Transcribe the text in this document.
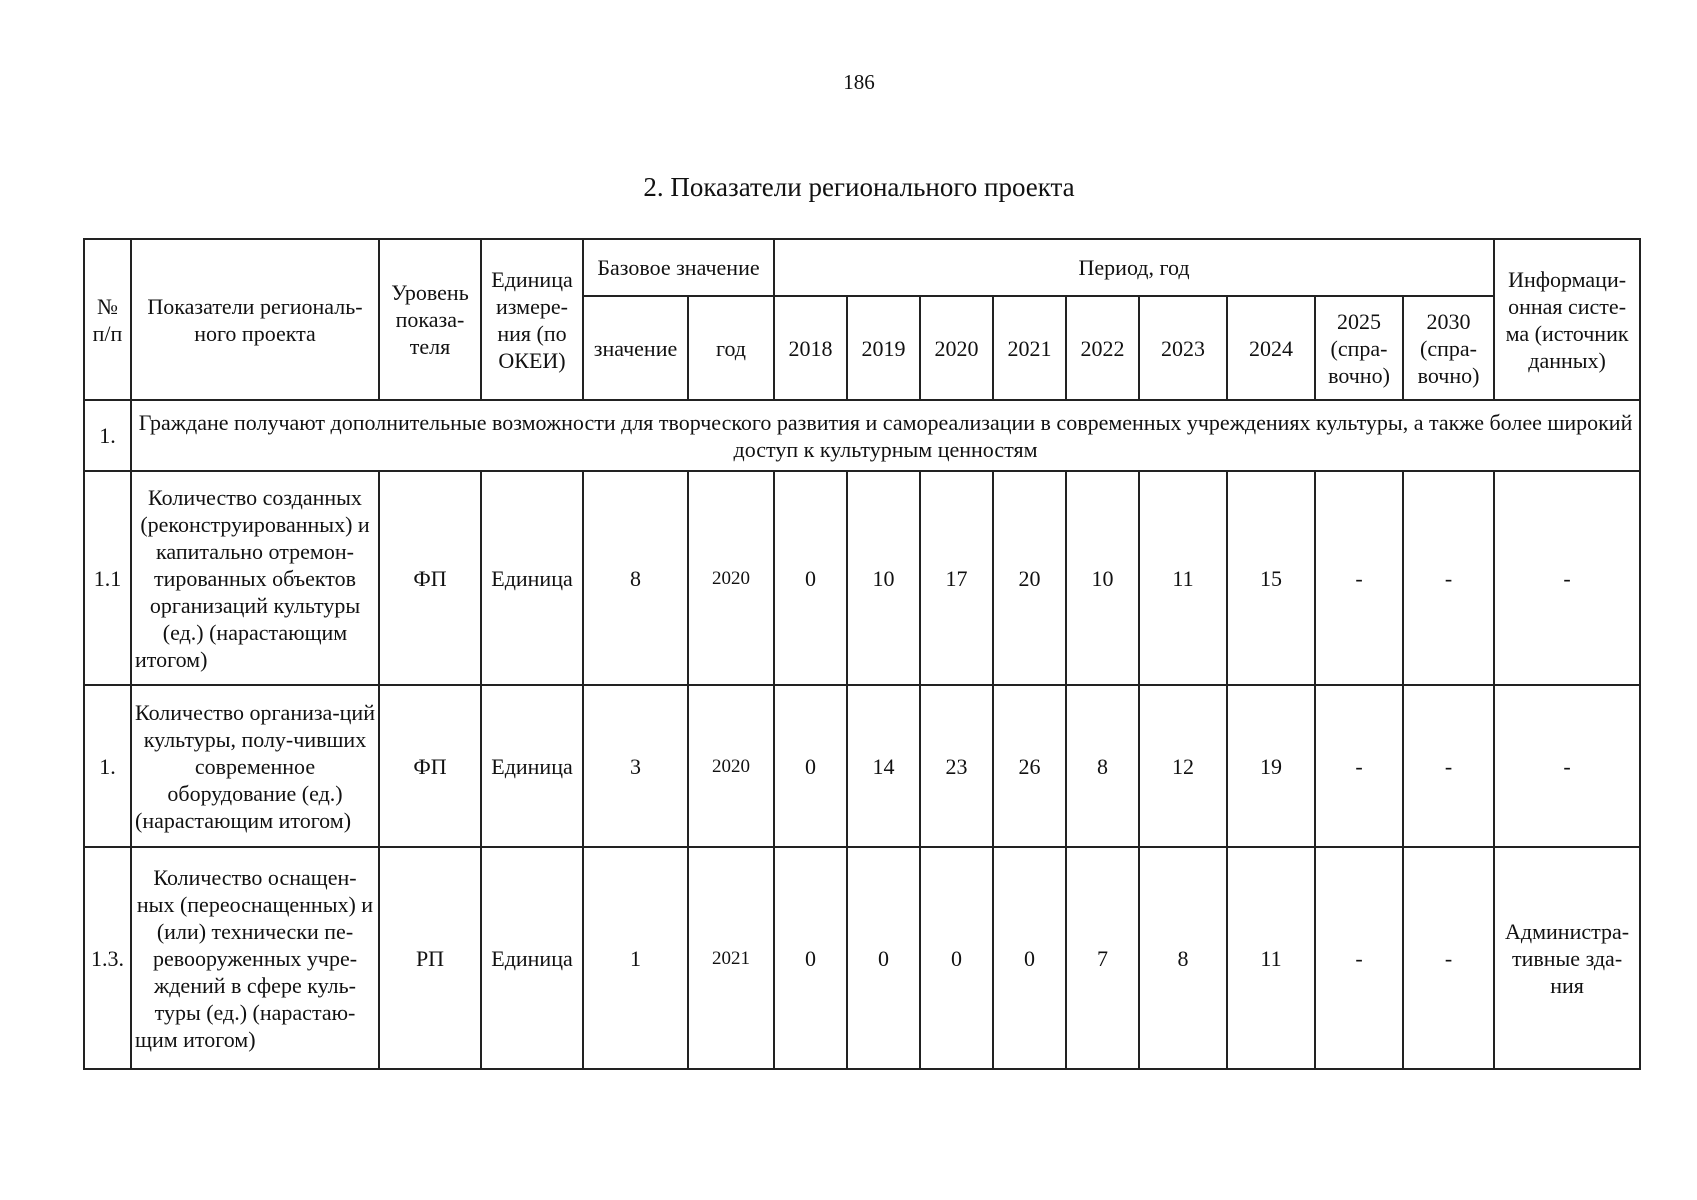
186
2. Показатели регионального проекта
№ п/п	Показатели региональ-ного проекта	Уровень показа-теля	Единица измере-ния (по ОКЕИ)	Базовое значение		Период, год									Информаци-онная систе-ма (источник данных)
				значение	год	2018	2019	2020	2021	2022	2023	2024	2025 (спра-вочно)	2030 (спра-вочно)	
1.	Граждане получают дополнительные возможности для творческого развития и самореализации в современных учреждениях культуры, а также более широкий доступ к культурным ценностям														
1.1	Количество созданных (реконструированных) и капитально отремон-тированных объектов организаций культуры (ед.) (нарастающим итогом)	ФП	Единица	8	2020	0	10	17	20	10	11	15	-	-	-
1.	Количество организа-ций культуры, полу-чивших современное оборудование (ед.) (нарастающим итогом)	ФП	Единица	3	2020	0	14	23	26	8	12	19	-	-	-
1.3.	Количество оснащен-ных (переоснащенных) и (или) технически пе-ревооруженных учре-ждений в сфере куль-туры (ед.) (нарастаю-щим итогом)	РП	Единица	1	2021	0	0	0	0	7	8	11	-	-	Администра-тивные зда-ния
